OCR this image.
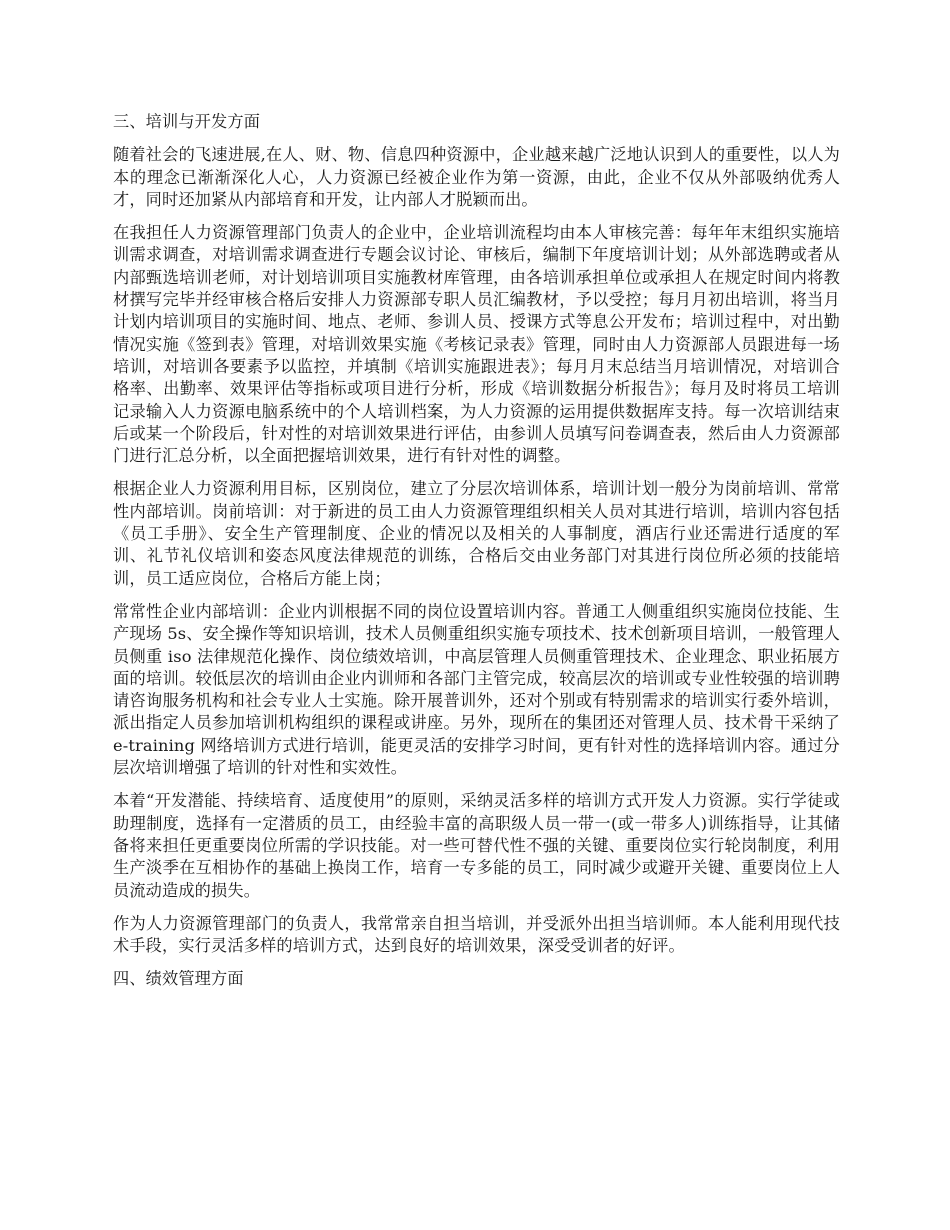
三、培训与开发方面

随着社会的飞速进展,在人、财、物、信息四种资源中，企业越来越广泛地认识到人的重要性，以人为本的理念已渐渐深化人心，人力资源已经被企业作为第一资源，由此，企业不仅从外部吸纳优秀人才，同时还加紧从内部培育和开发，让内部人才脱颖而出。

在我担任人力资源管理部门负责人的企业中，企业培训流程均由本人审核完善：每年年末组织实施培训需求调查，对培训需求调查进行专题会议讨论、审核后，编制下年度培训计划；从外部选聘或者从内部甄选培训老师，对计划培训项目实施教材库管理，由各培训承担单位或承担人在规定时间内将教材撰写完毕并经审核合格后安排人力资源部专职人员汇编教材，予以受控；每月月初出培训，将当月计划内培训项目的实施时间、地点、老师、参训人员、授课方式等息公开发布；培训过程中，对出勤情况实施《签到表》管理，对培训效果实施《考核记录表》管理，同时由人力资源部人员跟进每一场培训，对培训各要素予以监控，并填制《培训实施跟进表》；每月月末总结当月培训情况，对培训合格率、出勤率、效果评估等指标或项目进行分析，形成《培训数据分析报告》；每月及时将员工培训记录输入人力资源电脑系统中的个人培训档案，为人力资源的运用提供数据库支持。每一次培训结束后或某一个阶段后，针对性的对培训效果进行评估，由参训人员填写问卷调查表，然后由人力资源部门进行汇总分析，以全面把握培训效果，进行有针对性的调整。

根据企业人力资源利用目标，区别岗位，建立了分层次培训体系，培训计划一般分为岗前培训、常常性内部培训。岗前培训：对于新进的员工由人力资源管理组织相关人员对其进行培训，培训内容包括《员工手册》、安全生产管理制度、企业的情况以及相关的人事制度，酒店行业还需进行适度的军训、礼节礼仪培训和姿态风度法律规范的训练，合格后交由业务部门对其进行岗位所必须的技能培训，员工适应岗位，合格后方能上岗；

常常性企业内部培训：企业内训根据不同的岗位设置培训内容。普通工人侧重组织实施岗位技能、生产现场 5s、安全操作等知识培训，技术人员侧重组织实施专项技术、技术创新项目培训，一般管理人员侧重 iso 法律规范化操作、岗位绩效培训，中高层管理人员侧重管理技术、企业理念、职业拓展方面的培训。较低层次的培训由企业内训师和各部门主管完成，较高层次的培训或专业性较强的培训聘请咨询服务机构和社会专业人士实施。除开展普训外，还对个别或有特别需求的培训实行委外培训，派出指定人员参加培训机构组织的课程或讲座。另外，现所在的集团还对管理人员、技术骨干采纳了 e-training 网络培训方式进行培训，能更灵活的安排学习时间，更有针对性的选择培训内容。通过分层次培训增强了培训的针对性和实效性。

本着“开发潜能、持续培育、适度使用”的原则，采纳灵活多样的培训方式开发人力资源。实行学徒或助理制度，选择有一定潜质的员工，由经验丰富的高职级人员一带一(或一带多人)训练指导，让其储备将来担任更重要岗位所需的学识技能。对一些可替代性不强的关键、重要岗位实行轮岗制度，利用生产淡季在互相协作的基础上换岗工作，培育一专多能的员工，同时减少或避开关键、重要岗位上人员流动造成的损失。

作为人力资源管理部门的负责人，我常常亲自担当培训，并受派外出担当培训师。本人能利用现代技术手段，实行灵活多样的培训方式，达到良好的培训效果，深受受训者的好评。

四、绩效管理方面
